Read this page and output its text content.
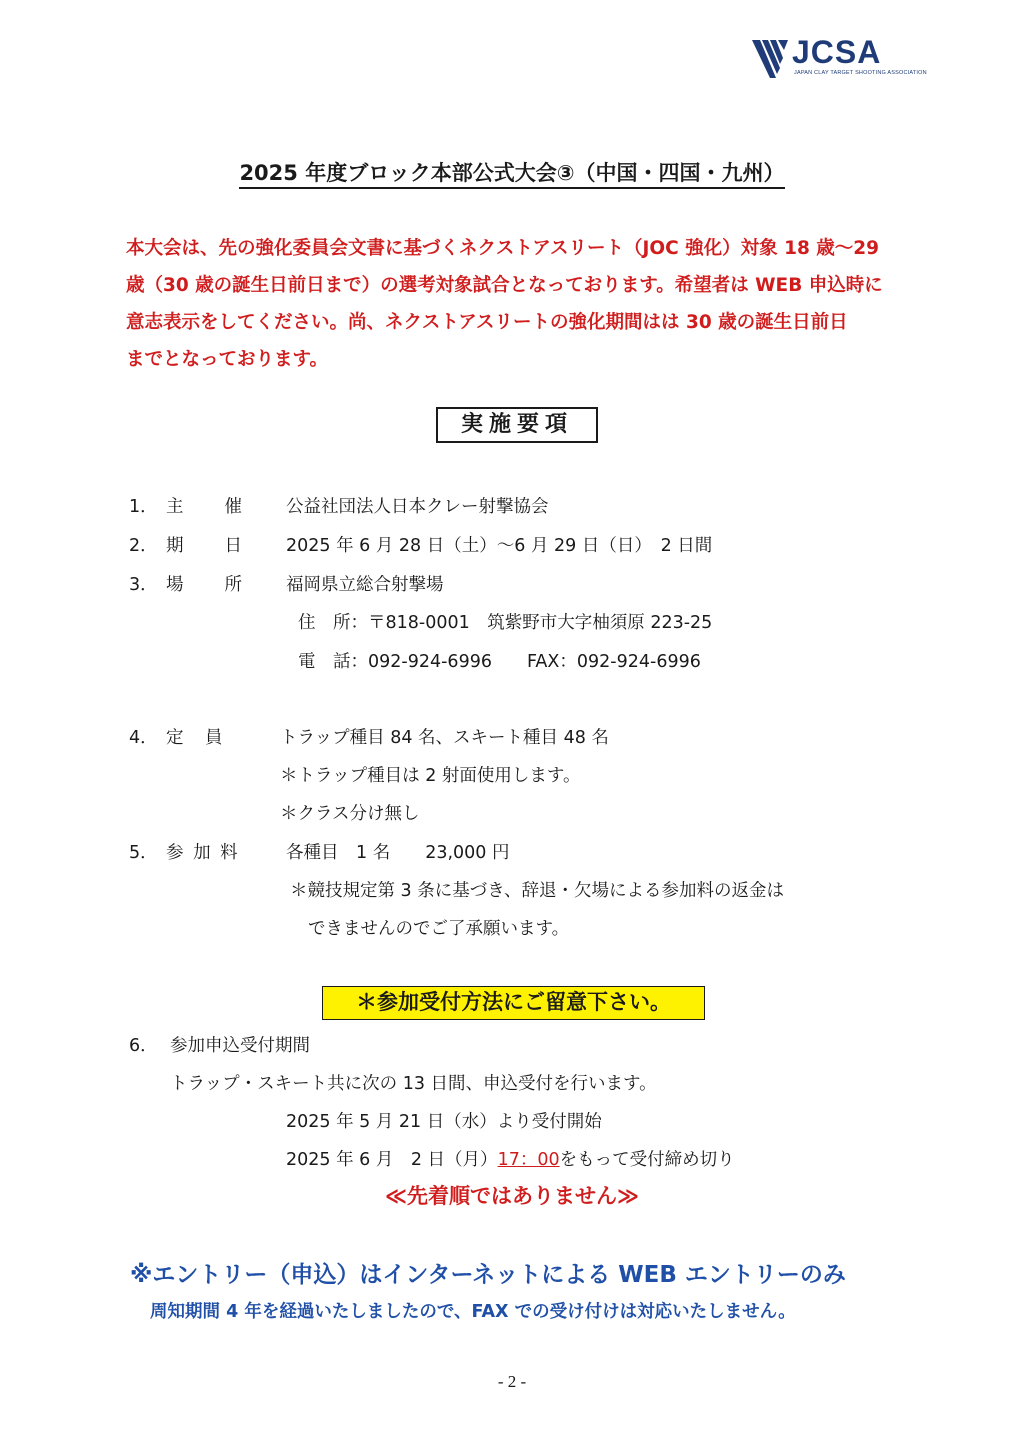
JCSA
JAPAN CLAY TARGET SHOOTING ASSOCIATION
2025 年度ブロック本部公式大会③（中国・四国・九州）
本大会は、先の強化委員会文書に基づくネクストアスリート（JOC 強化）対象 18 歳～29
歳（30 歳の誕生日前日まで）の選考対象試合となっております。希望者は WEB 申込時に
意志表示をしてください。尚、ネクストアスリートの強化期間はは 30 歳の誕生日前日
までとなっております。
実施要項
1． 主　　催 公益社団法人日本クレー射撃協会
2． 期　　日 2025 年 6 月 28 日（土）～6 月 29 日（日）　2 日間
3． 場　　所 福岡県立総合射撃場
住　所：〒818-0001　筑紫野市大字柚須原 223-25
電　話：092-924-6996　　FAX：092-924-6996
4． 定　員	トラップ種目 84 名、スキート種目 48 名
＊トラップ種目は 2 射面使用します。
＊クラス分け無し
5． 参 加 料	各種目　1 名　　23,000 円
＊競技規定第 3 条に基づき、辞退・欠場による参加料の返金は
できませんのでご了承願います。
＊参加受付方法にご留意下さい。
6． 参加申込受付期間
トラップ・スキート共に次の 13 日間、申込受付を行います。
2025 年 5 月 21 日（水）より受付開始
2025 年 6 月　2 日（月）17：00をもって受付締め切り
≪先着順ではありません≫
※エントリー（申込）はインターネットによる WEB エントリーのみ
周知期間 4 年を経過いたしましたので、FAX での受け付けは対応いたしません。
- 2 -
